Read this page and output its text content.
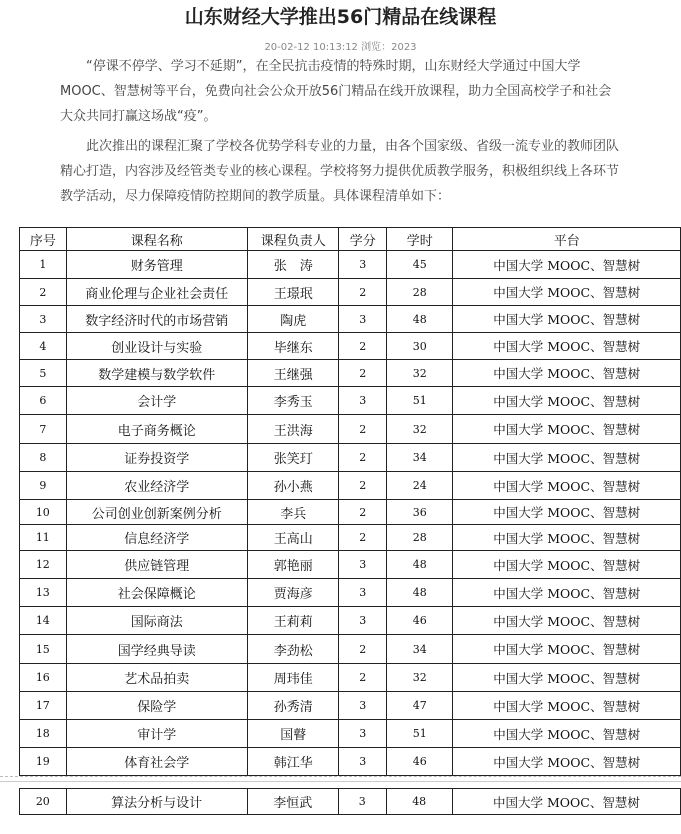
山东财经大学推出56门精品在线课程
20-02-12 10:13:12 浏览：2023

“停课不停学、学习不延期”，在全民抗击疫情的特殊时期，山东财经大学通过中国大学MOOC、智慧树等平台，免费向社会公众开放56门精品在线开放课程，助力全国高校学子和社会大众共同打赢这场战“疫”。

此次推出的课程汇聚了学校各优势学科专业的力量，由各个国家级、省级一流专业的教师团队精心打造，内容涉及经管类专业的核心课程。学校将努力提供优质教学服务，积极组织线上各环节教学活动，尽力保障疫情防控期间的教学质量。具体课程清单如下：

序号	课程名称	课程负责人	学分	学时	平台
1	财务管理	张　涛	3	45	中国大学 MOOC、智慧树
2	商业伦理与企业社会责任	王璟珉	2	28	中国大学 MOOC、智慧树
3	数字经济时代的市场营销	陶虎	3	48	中国大学 MOOC、智慧树
4	创业设计与实验	毕继东	2	30	中国大学 MOOC、智慧树
5	数学建模与数学软件	王继强	2	32	中国大学 MOOC、智慧树
6	会计学	李秀玉	3	51	中国大学 MOOC、智慧树
7	电子商务概论	王洪海	2	32	中国大学 MOOC、智慧树
8	证券投资学	张笑玎	2	34	中国大学 MOOC、智慧树
9	农业经济学	孙小燕	2	24	中国大学 MOOC、智慧树
10	公司创业创新案例分析	李兵	2	36	中国大学 MOOC、智慧树
11	信息经济学	王高山	2	28	中国大学 MOOC、智慧树
12	供应链管理	郭艳丽	3	48	中国大学 MOOC、智慧树
13	社会保障概论	贾海彦	3	48	中国大学 MOOC、智慧树
14	国际商法	王莉莉	3	46	中国大学 MOOC、智慧树
15	国学经典导读	李劲松	2	34	中国大学 MOOC、智慧树
16	艺术品拍卖	周玮佳	2	32	中国大学 MOOC、智慧树
17	保险学	孙秀清	3	47	中国大学 MOOC、智慧树
18	审计学	国瞽	3	51	中国大学 MOOC、智慧树
19	体育社会学	韩江华	3	46	中国大学 MOOC、智慧树
20	算法分析与设计	李恒武	3	48	中国大学 MOOC、智慧树
